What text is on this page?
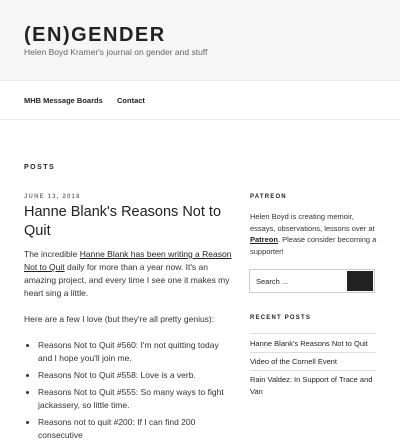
(EN)GENDER
Helen Boyd Kramer's journal on gender and stuff
MHB Message Boards Contact
POSTS
JUNE 13, 2018
Hanne Blank's Reasons Not to Quit

The incredible Hanne Blank has been writing a Reason Not to Quit daily for more than a year now. It's an amazing project, and every time I see one it makes my heart sing a little.

Here are a few I love (but they're all pretty genius):

• Reasons Not to Quit #560: I'm not quitting today and I hope you'll join me.
• Reasons Not to Quit #558: Love is a verb.
• Reasons Not to Quit #555: So many ways to fight jackassery, so little time.
• Reasons not to quit #200: If I can find 200 consecutive
PATREON
Helen Boyd is creating memoir, essays, observations, lessons over at Patreon. Please consider becoming a supporter!
Search ...
RECENT POSTS
Hanne Blank's Reasons Not to Quit
Video of the Cornell Event
Rain Valdez: In Support of Trace and Van
